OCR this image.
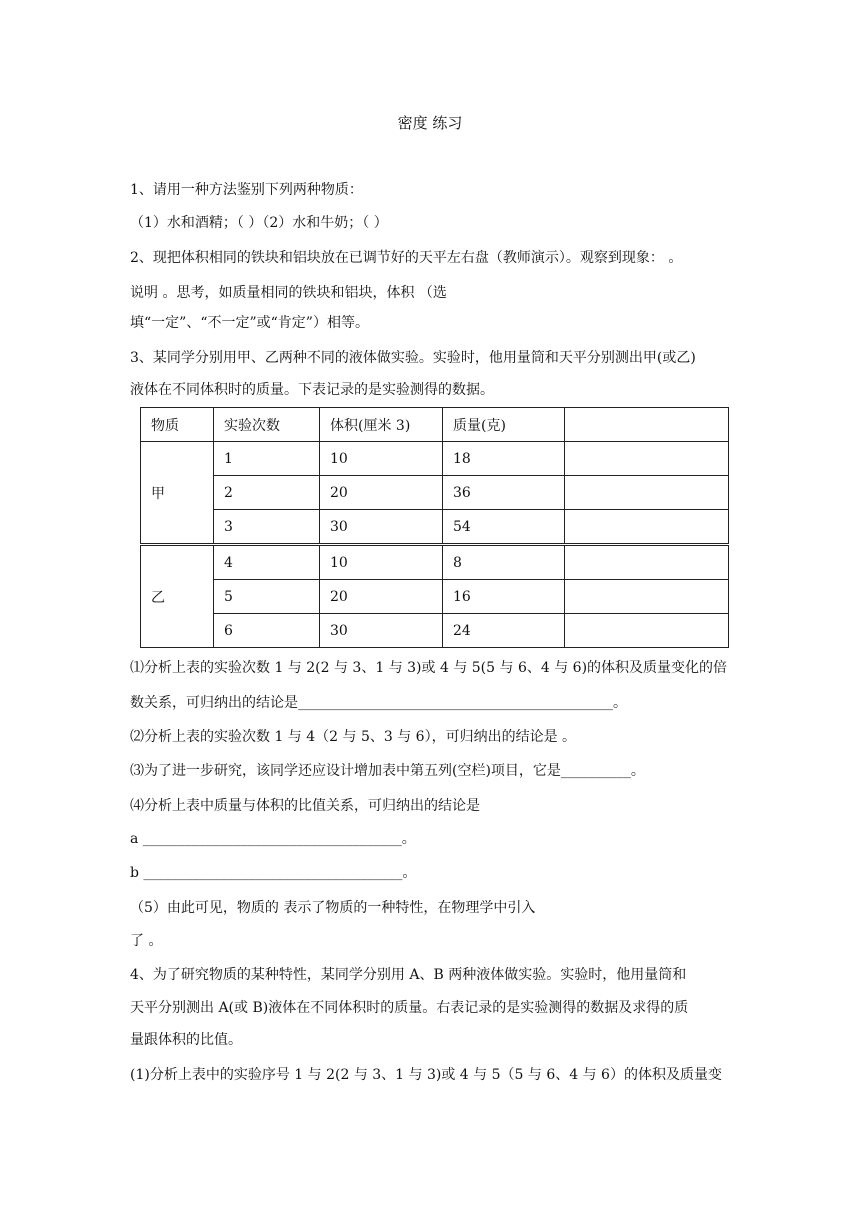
密度 练习
1、请用一种方法鉴别下列两种物质：
（1）水和酒精；（ ）（2）水和牛奶；（ ）
2、现把体积相同的铁块和铝块放在已调节好的天平左右盘（教师演示）。观察到现象： 。
说明 。思考，如质量相同的铁块和铝块，体积 （选
填“一定”、“不一定”或“肯定”）相等。
3、某同学分别用甲、乙两种不同的液体做实验。实验时，他用量筒和天平分别测出甲(或乙)
液体在不同体积时的质量。下表记录的是实验测得的数据。
物质	实验次数	体积(厘米 3)	质量(克)	
甲	1	10	18	
	2	20	36	
	3	30	54	
乙	4	10	8	
	5	20	16	
	6	30	24	
⑴分析上表的实验次数 1 与 2(2 与 3、1 与 3)或 4 与 5(5 与 6、4 与 6)的体积及质量变化的倍
数关系，可归纳出的结论是_____________________________________________。
⑵分析上表的实验次数 1 与 4（2 与 5、3 与 6），可归纳出的结论是 。
⑶为了进一步研究，该同学还应设计增加表中第五列(空栏)项目，它是__________。
⑷分析上表中质量与体积的比值关系，可归纳出的结论是
a _____________________________________。
b _____________________________________。
（5）由此可见，物质的 表示了物质的一种特性，在物理学中引入
了 。
4、为了研究物质的某种特性，某同学分别用 A、B 两种液体做实验。实验时，他用量筒和
天平分别测出 A(或 B)液体在不同体积时的质量。右表记录的是实验测得的数据及求得的质
量跟体积的比值。
(1)分析上表中的实验序号 1 与 2(2 与 3、1 与 3)或 4 与 5（5 与 6、4 与 6）的体积及质量变
